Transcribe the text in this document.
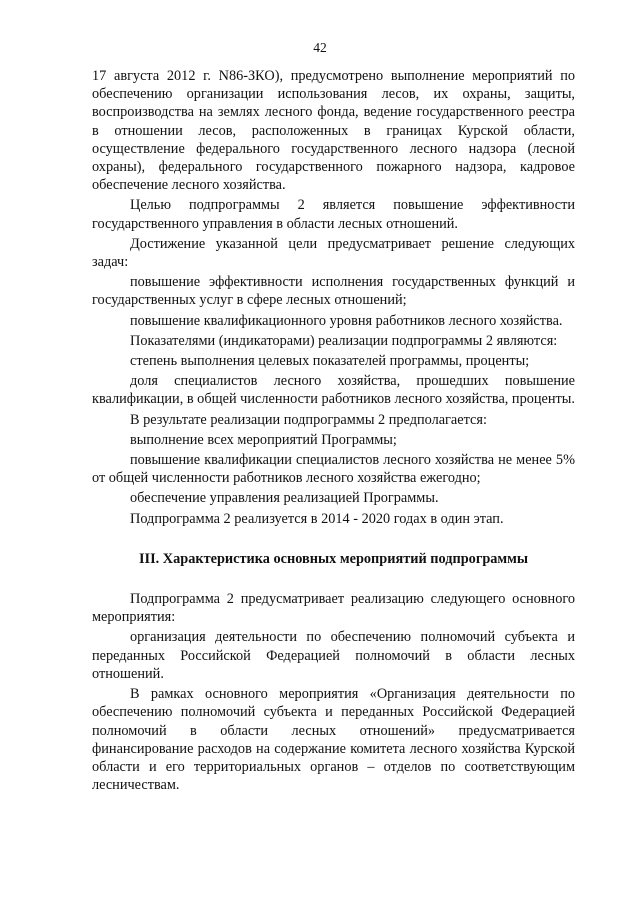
42

17 августа 2012 г. N86-ЗКО), предусмотрено выполнение мероприятий по обеспечению организации использования лесов, их охраны, защиты, воспроизводства на землях лесного фонда, ведение государственного реестра в отношении лесов, расположенных в границах Курской области, осуществление федерального государственного лесного надзора (лесной охраны), федерального государственного пожарного надзора, кадровое обеспечение лесного хозяйства.

Целью подпрограммы 2 является повышение эффективности государственного управления в области лесных отношений.

Достижение указанной цели предусматривает решение следующих задач:

повышение эффективности исполнения государственных функций и государственных услуг в сфере лесных отношений;

повышение квалификационного уровня работников лесного хозяйства.

Показателями (индикаторами) реализации подпрограммы 2 являются:

степень выполнения целевых показателей программы, проценты;

доля специалистов лесного хозяйства, прошедших повышение квалификации, в общей численности работников лесного хозяйства, проценты.

В результате реализации подпрограммы 2 предполагается:

выполнение всех мероприятий Программы;

повышение квалификации специалистов лесного хозяйства не менее 5% от общей численности работников лесного хозяйства ежегодно;

обеспечение управления реализацией Программы.

Подпрограмма 2 реализуется в 2014 - 2020 годах в один этап.

III. Характеристика основных мероприятий подпрограммы

Подпрограмма 2 предусматривает реализацию следующего основного мероприятия:

организация деятельности по обеспечению полномочий субъекта и переданных Российской Федерацией полномочий в области лесных отношений.

В рамках основного мероприятия «Организация деятельности по обеспечению полномочий субъекта и переданных Российской Федерацией полномочий в области лесных отношений» предусматривается финансирование расходов на содержание комитета лесного хозяйства Курской области и его территориальных органов – отделов по соответствующим лесничествам.
